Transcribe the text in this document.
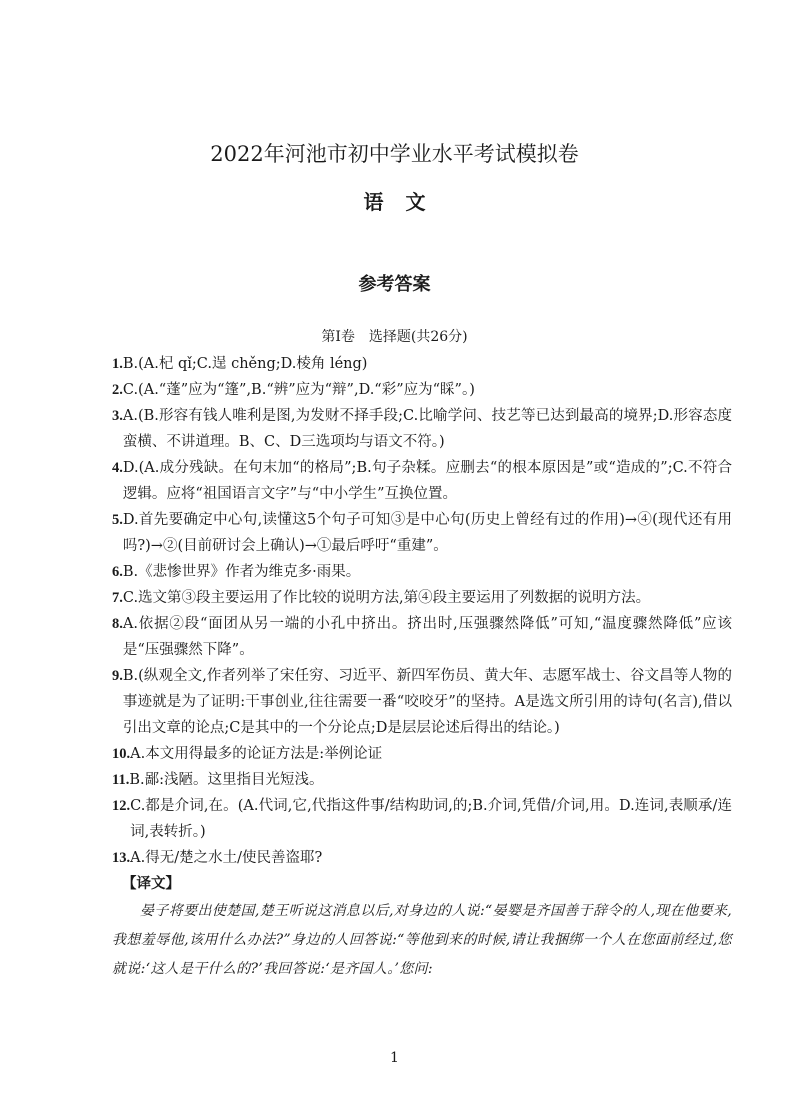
2022年河池市初中学业水平考试模拟卷
语文
参考答案
第Ⅰ卷　选择题(共26分)
1. B.(A.杞 qǐ;C.逞 chěng;D.棱角 léng)
2. C.(A.“蓬”应为“篷”,B.“辨”应为“辩”,D.“彩”应为“睬”。)
3. A.(B.形容有钱人唯利是图,为发财不择手段;C.比喻学问、技艺等已达到最高的境界;D.形容态度蛮横、不讲道理。B、C、D三选项均与语文不符。)
4. D.(A.成分残缺。在句末加“的格局”;B.句子杂糅。应删去“的根本原因是”或“造成的”;C.不符合逻辑。应将“祖国语言文字”与“中小学生”互换位置。
5. D.首先要确定中心句,读懂这5个句子可知③是中心句(历史上曾经有过的作用)→④(现代还有用吗?)→②(目前研讨会上确认)→①最后呼吁“重建”。
6. B.《悲惨世界》作者为维克多·雨果。
7. C.选文第③段主要运用了作比较的说明方法,第④段主要运用了列数据的说明方法。
8. A.依据②段“面团从另一端的小孔中挤出。挤出时,压强骤然降低”可知,“温度骤然降低”应该是“压强骤然下降”。
9. B.(纵观全文,作者列举了宋任穷、习近平、新四军伤员、黄大年、志愿军战士、谷文昌等人物的事迹就是为了证明:干事创业,往往需要一番“咬咬牙”的坚持。A是选文所引用的诗句(名言),借以引出文章的论点;C是其中的一个分论点;D是层层论述后得出的结论。)
10. A.本文用得最多的论证方法是:举例论证
11. B.鄙:浅陋。这里指目光短浅。
12. C.都是介词,在。(A.代词,它,代指这件事/结构助词,的;B.介词,凭借/介词,用。D.连词,表顺承/连词,表转折。)
13. A.得无/楚之水土/使民善盗耶?
【译文】
晏子将要出使楚国,楚王听说这消息以后,对身边的人说:“晏婴是齐国善于辞令的人,现在他要来,我想羞辱他,该用什么办法?”身边的人回答说:“等他到来的时候,请让我捆绑一个人在您面前经过,您就说:‘这人是干什么的?’我回答说:‘是齐国人。’您问:
1
